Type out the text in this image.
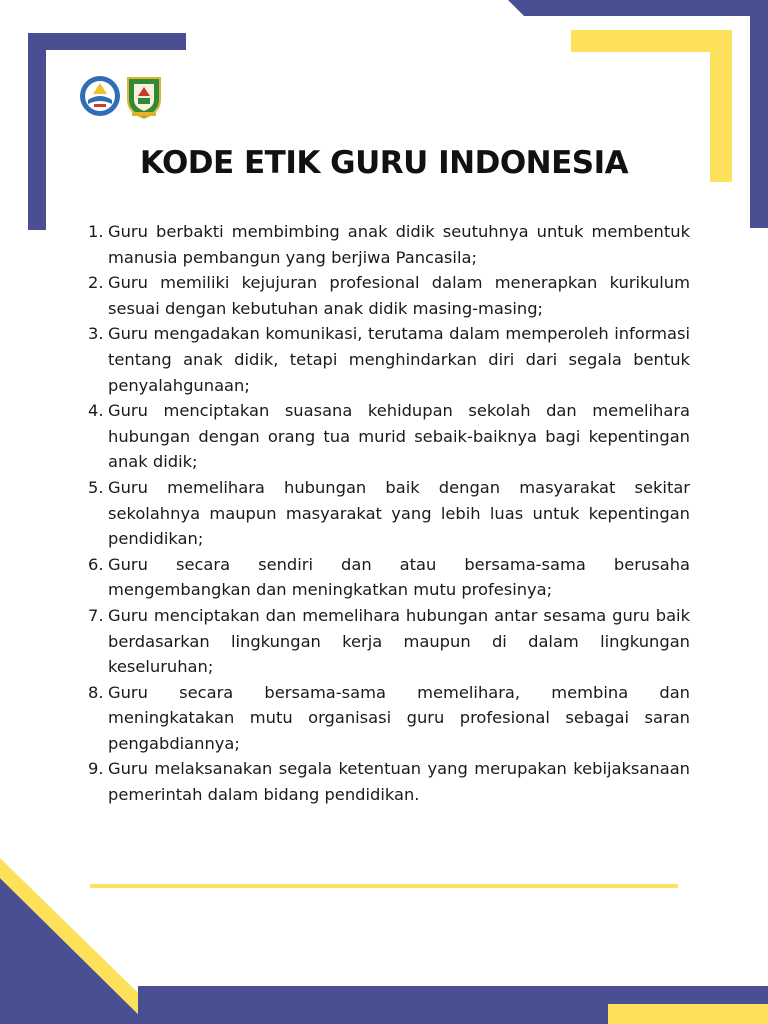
KODE ETIK GURU INDONESIA
1. Guru berbakti membimbing anak didik seutuhnya untuk membentuk manusia pembangun yang berjiwa Pancasila;
2. Guru memiliki kejujuran profesional dalam menerapkan kurikulum sesuai dengan kebutuhan anak didik masing-masing;
3. Guru mengadakan komunikasi, terutama dalam memperoleh informasi tentang anak didik, tetapi menghindarkan diri dari segala bentuk penyalahgunaan;
4. Guru menciptakan suasana kehidupan sekolah dan memelihara hubungan dengan orang tua murid sebaik-baiknya bagi kepentingan anak didik;
5. Guru memelihara hubungan baik dengan masyarakat sekitar sekolahnya maupun masyarakat yang lebih luas untuk kepentingan pendidikan;
6. Guru secara sendiri dan atau bersama-sama berusaha mengembangkan dan meningkatkan mutu profesinya;
7. Guru menciptakan dan memelihara hubungan antar sesama guru baik berdasarkan lingkungan kerja maupun di dalam lingkungan keseluruhan;
8. Guru secara bersama-sama memelihara, membina dan meningkatakan mutu organisasi guru profesional sebagai saran pengabdiannya;
9. Guru melaksanakan segala ketentuan yang merupakan kebijaksanaan pemerintah dalam bidang pendidikan.
